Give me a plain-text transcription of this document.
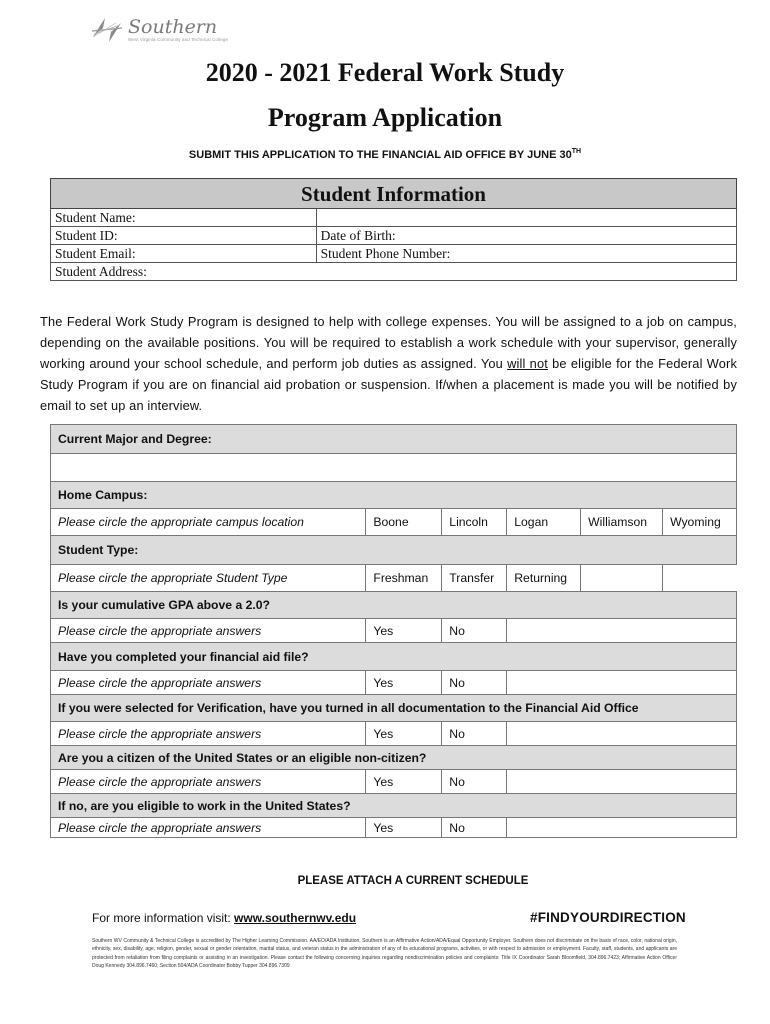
Southern
West Virginia Community and Technical College
2020 - 2021 Federal Work Study
Program Application
SUBMIT THIS APPLICATION TO THE FINANCIAL AID OFFICE BY JUNE 30TH
Student Information	
Student Name:	
Student ID:	Date of Birth:
Student Email:	Student Phone Number:
Student Address:	

The Federal Work Study Program is designed to help with college expenses. You will be assigned to a job on campus, depending on the available positions. You will be required to establish a work schedule with your supervisor, generally working around your school schedule, and perform job duties as assigned. You will not be eligible for the Federal Work Study Program if you are on financial aid probation or suspension. If/when a placement is made you will be notified by email to set up an interview.

Current Major and Degree:					

Home Campus:					
Please circle the appropriate campus location	Boone	Lincoln	Logan	Williamson	Wyoming
Student Type:					
Please circle the appropriate Student Type	Freshman	Transfer	Returning		
Is your cumulative GPA above a 2.0?					
Please circle the appropriate answers	Yes	No			
Have you completed your financial aid file?					
Please circle the appropriate answers	Yes	No			
If you were selected for Verification, have you turned in all documentation to the Financial Aid Office					
Please circle the appropriate answers	Yes	No			
Are you a citizen of the United States or an eligible non-citizen?					
Please circle the appropriate answers	Yes	No			
If no, are you eligible to work in the United States?					
Please circle the appropriate answers	Yes	No			
PLEASE ATTACH A CURRENT SCHEDULE
For more information visit: www.southernwv.edu	#FINDYOURDIRECTION
Southern WV Community & Technical College is accredited by The Higher Learning Commission. AA/EO/ADA Institution. Southern is an Affirmative Action/ADA/Equal Opportunity Employer. Southern does not discriminate on the basis of race, color, national origin, ethnicity, sex, disability, age, religion, gender, sexual or gender orientation, marital status, and veteran status in the administration of any of its educational programs, activities, or with respect to admission or employment. Faculty, staff, students, and applicants are protected from retaliation from filing complaints or assisting in an investigation. Please contact the following concerning inquiries regarding nondiscrimination policies and complaints: Title IX Coordinator Sarah Bloomfield, 304.896.7423; Affirmative Action Officer Doug Kennedy 304.896.7460; Section 504/ADA Coordinator Bobby Tupper 304.896.7309
